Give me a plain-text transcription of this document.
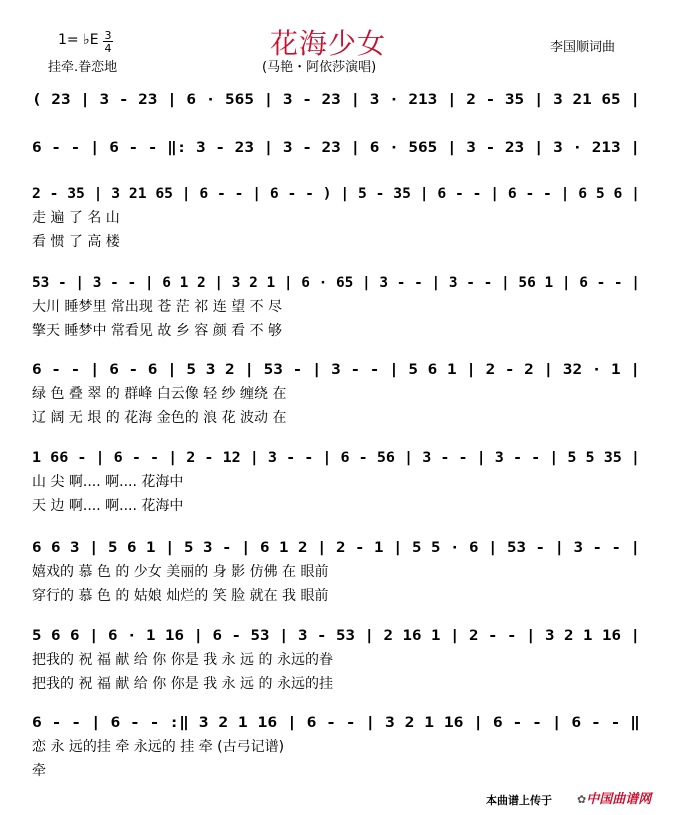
花海少女
1= ♭E 3
4	李国顺词曲
挂牵.眷恋地	(马艳・阿依莎演唱)
( 23 | 3 - 23 | 6 · 565 | 3 - 23 | 3 · 213 | 2 - 35 | 3 21 65 |
6 - - | 6 - - ‖: 3 - 23 | 3 - 23 | 6 · 565 | 3 - 23 | 3 · 213 |
2 - 35 | 3 21 65 | 6 - - | 6 - - ) | 5 - 35 | 6 - - | 6 - - | 6 5 6 |
走 遍 了 名 山
看 惯 了 高 楼
53 - | 3 - - | 6 1 2 | 3 2 1 | 6 · 65 | 3 - - | 3 - - | 56 1 | 6 - - |
大川 睡梦里 常出现 苍 茫 祁 连 望 不 尽
擎天 睡梦中 常看见 故 乡 容 颜 看 不 够
6 - - | 6 - 6 | 5 3 2 | 53 - | 3 - - | 5 6 1 | 2 - 2 | 32 · 1 |
绿 色 叠 翠 的 群峰 白云像 轻 纱 缠绕 在
辽 阔 无 垠 的 花海 金色的 浪 花 波动 在
1 66 - | 6 - - | 2 - 12 | 3 - - | 6 - 56 | 3 - - | 3 - - | 5 5 35 |
山 尖 啊.... 啊.... 花海中
天 边 啊.... 啊.... 花海中
6 6 3 | 5 6 1 | 5 3 - | 6 1 2 | 2 - 1 | 5 5 · 6 | 53 - | 3 - - |
嬉戏的 慕 色 的 少女 美丽的 身 影 仿佛 在 眼前
穿行的 慕 色 的 姑娘 灿烂的 笑 脸 就在 我 眼前
5 6 6 | 6 · 1 16 | 6 - 53 | 3 - 53 | 2 16 1 | 2 - - | 3 2 1 16 |
把我的 祝 福 献 给 你 你是 我 永 远 的 永远的眷
把我的 祝 福 献 给 你 你是 我 永 远 的 永远的挂
6 - - | 6 - - :‖ 3 2 1 16 | 6 - - | 3 2 1 16 | 6 - - | 6 - - ‖
恋 永 远的挂 牵 永远的 挂 牵 (古弓记谱)
牵
本曲谱上传于 ✿中国曲谱网
